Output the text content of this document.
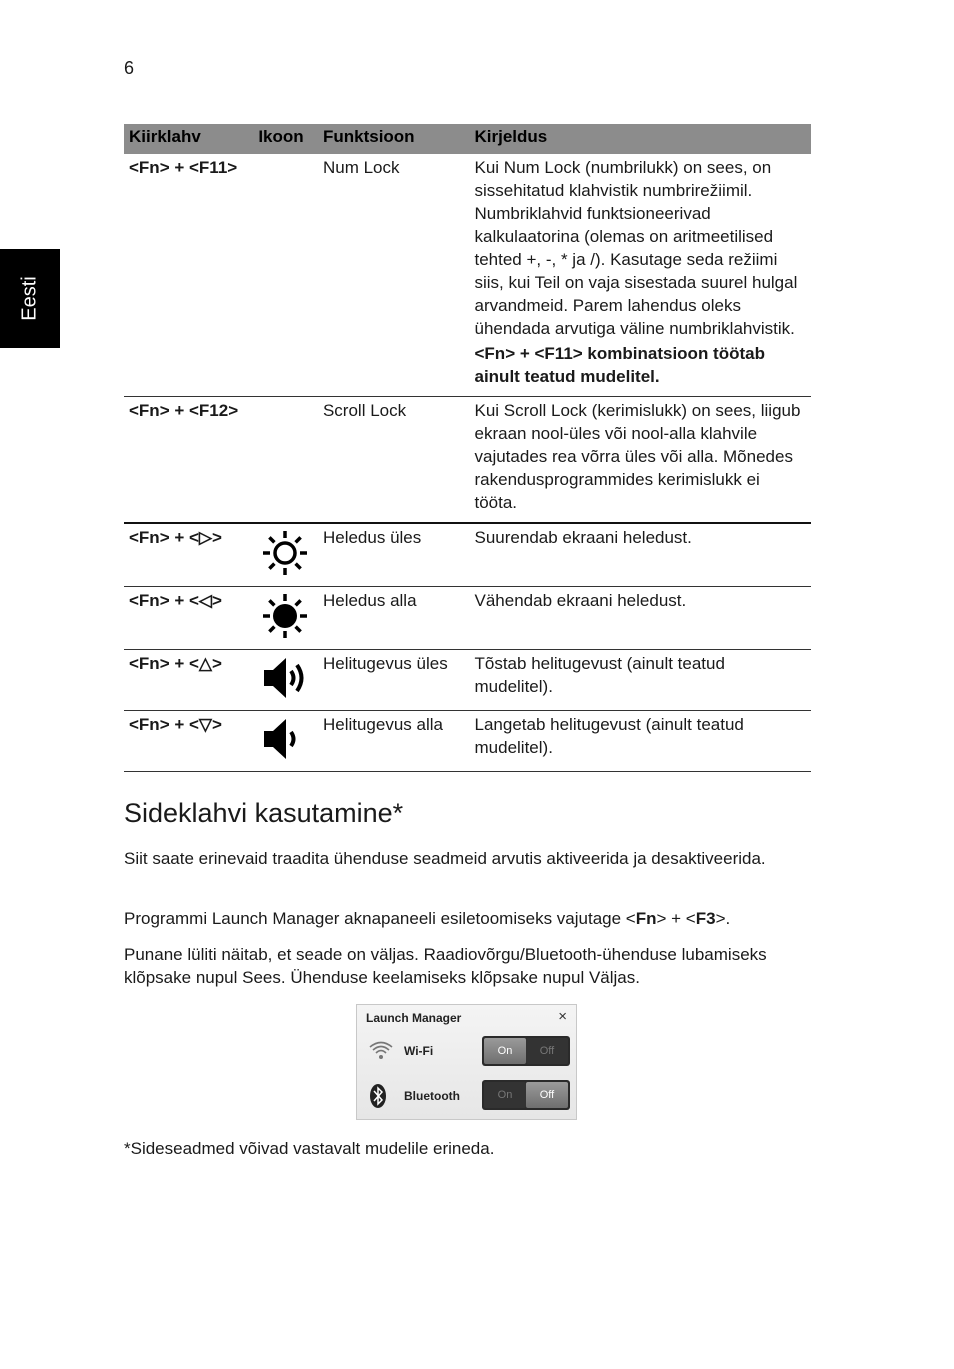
6
Eesti
Kiirklahv	Ikoon	Funktsioon	Kirjeldus
<Fn> + <F11>		Num Lock	Kui Num Lock (numbrilukk) on sees, on sissehitatud klahvistik numbrirežiimil. Numbriklahvid funktsioneerivad kalkulaatorina (olemas on aritmeetilised tehted +, -, * ja /). Kasutage seda režiimi siis, kui Teil on vaja sisestada suurel hulgal arvandmeid. Parem lahendus oleks ühendada arvutiga väline numbriklahvistik.
<Fn> + <F11> kombinatsioon töötab ainult teatud mudelitel.

<Fn> + <F12>		Scroll Lock	Kui Scroll Lock (kerimislukk) on sees, liigub ekraan nool-üles või nool-alla klahvile vajutades rea võrra üles või alla. Mõnedes rakendusprogrammides kerimislukk ei tööta.
<Fn> + <▷>		Heledus üles	Suurendab ekraani heledust.
<Fn> + <◁>		Heledus alla	Vähendab ekraani heledust.
<Fn> + <△>		Helitugevus üles	Tõstab helitugevust (ainult teatud mudelitel).
<Fn> + <▽>		Helitugevus alla	Langetab helitugevust (ainult teatud mudelitel).
Sideklahvi kasutamine*

Siit saate erinevaid traadita ühenduse seadmeid arvutis aktiveerida ja desaktiveerida.

Programmi Launch Manager aknapaneeli esiletoomiseks vajutage <Fn> + <F3>.

Punane lüliti näitab, et seade on väljas. Raadiovõrgu/Bluetooth-ühenduse lubamiseks klõpsake nupul Sees. Ühenduse keelamiseks klõpsake nupul Väljas.

Launch Manager	×
Wi-Fi	On	Off
Bluetooth	On	Off
*Sideseadmed võivad vastavalt mudelile erineda.
